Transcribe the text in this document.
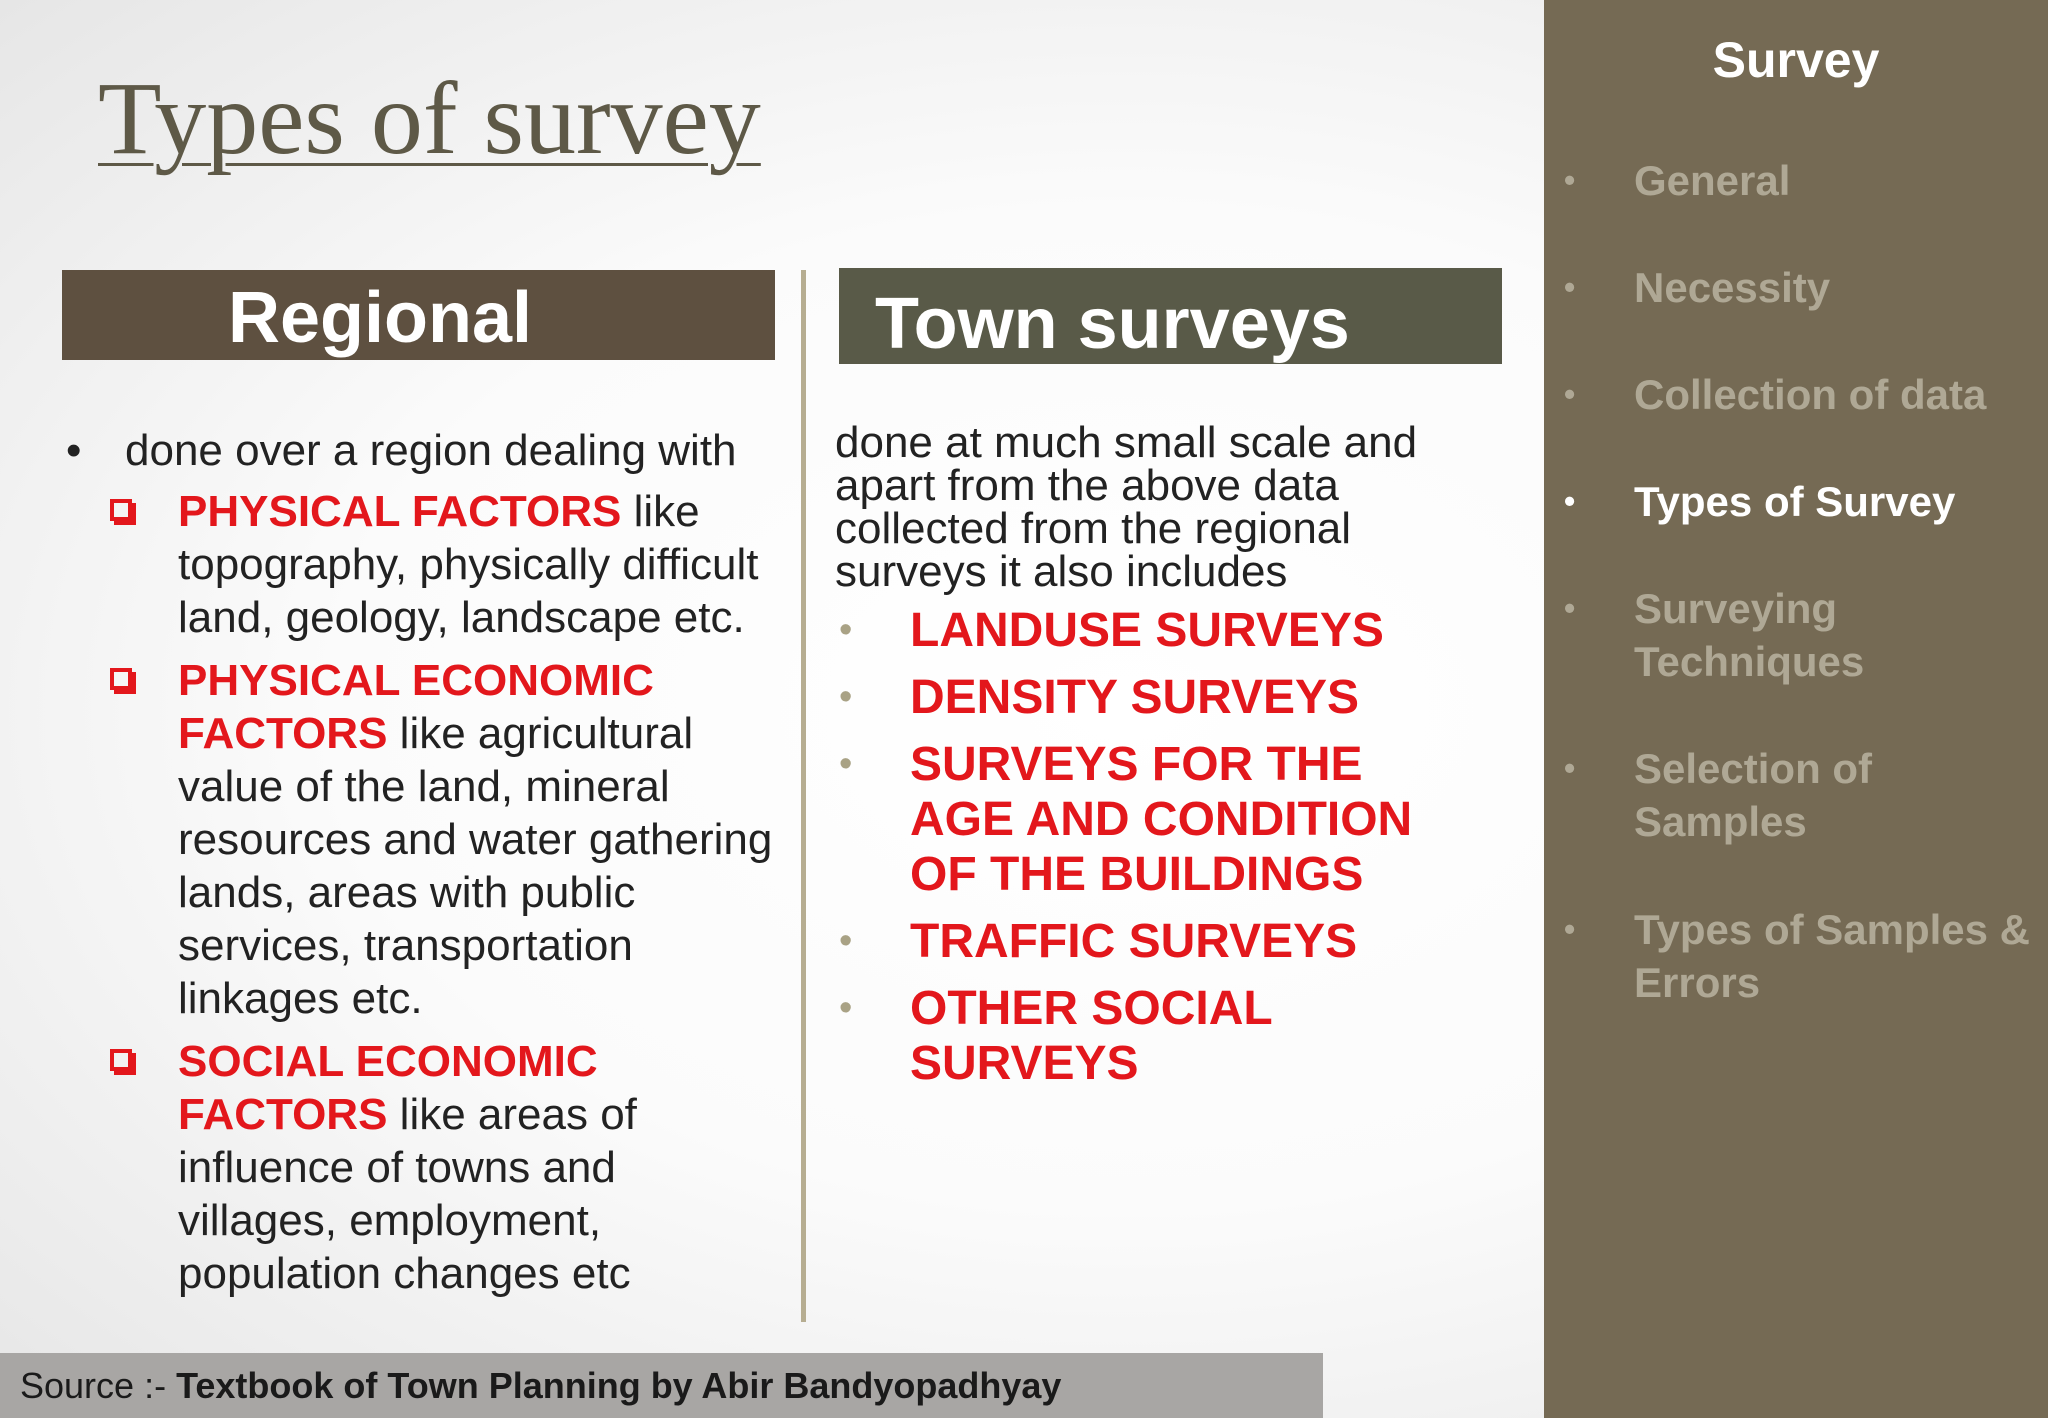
Types of survey
Regional	Town surveys
• done over a region dealing with
PHYSICAL FACTORS like topography, physically difficult land, geology, landscape etc.
PHYSICAL ECONOMIC FACTORS like agricultural value of the land, mineral resources and water gathering lands, areas with public services, transportation linkages etc.
SOCIAL ECONOMIC FACTORS like areas of influence of towns and villages, employment, population changes etc

done at much small scale and apart from the above data collected from the regional surveys it also includes

• LANDUSE SURVEYS
• DENSITY SURVEYS
• SURVEYS FOR THE AGE AND CONDITION OF THE BUILDINGS
• TRAFFIC SURVEYS
• OTHER SOCIAL SURVEYS
Source :- Textbook of Town Planning by Abir Bandyopadhyay
Survey
• General
• Necessity
• Collection of data
• Types of Survey
• Surveying Techniques
• Selection of Samples
• Types of Samples & Errors
